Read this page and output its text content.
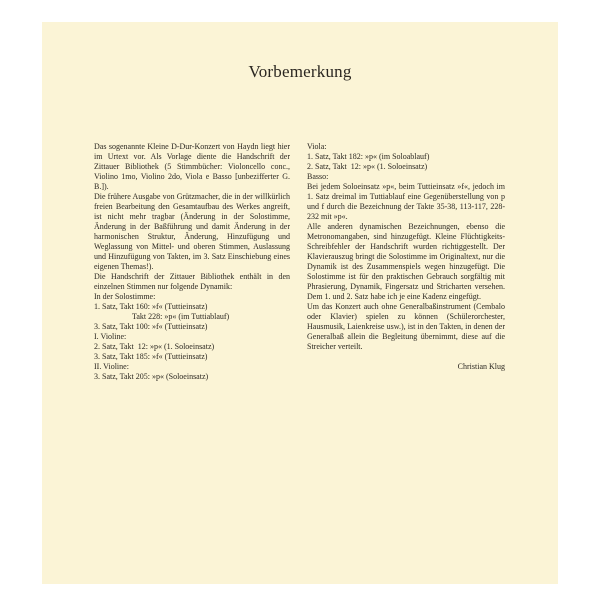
Vorbemerkung

Das sogenannte Kleine D-Dur-Konzert von Haydn liegt hier im Urtext vor. Als Vorlage diente die Handschrift der Zittauer Bibliothek (5 Stimmbücher: Violoncello conc., Violino 1mo, Violino 2do, Viola e Basso [unbezifferter G. B.]).

Die frühere Ausgabe von Grützmacher, die in der willkürlich freien Bearbeitung den Gesamtaufbau des Werkes angreift, ist nicht mehr tragbar (Änderung in der Solostimme, Änderung in der Baßführung und damit Änderung in der harmonischen Struktur, Änderung, Hinzufügung und Weglassung von Mittel- und oberen Stimmen, Auslassung und Hinzufügung von Takten, im 3. Satz Einschiebung eines eigenen Themas!).

Die Handschrift der Zittauer Bibliothek enthält in den einzelnen Stimmen nur folgende Dynamik:

In der Solostimme:
1. Satz, Takt 160: »f« (Tuttieinsatz)
Takt 228: »p« (im Tuttiablauf)
3. Satz, Takt 100: »f« (Tuttieinsatz)
I. Violine:
2. Satz, Takt  12: »p« (1. Soloeinsatz)
3. Satz, Takt 185: »f« (Tuttieinsatz)
II. Violine:
3. Satz, Takt 205: »p« (Soloeinsatz)
Viola:
1. Satz, Takt 182: »p« (im Soloablauf)
2. Satz, Takt  12: »p« (1. Soloeinsatz)
Basso:

Bei jedem Soloeinsatz »p«, beim Tuttieinsatz »f«, jedoch im 1. Satz dreimal im Tuttiablauf eine Gegenüberstellung von p und f durch die Bezeichnung der Takte 35-38, 113-117, 228-232 mit »p«.

Alle anderen dynamischen Bezeichnungen, ebenso die Metronomangaben, sind hinzugefügt. Kleine Flüchtigkeits-Schreibfehler der Handschrift wurden richtiggestellt. Der Klavierauszug bringt die Solostimme im Originaltext, nur die Dynamik ist des Zusammenspiels wegen hinzugefügt. Die Solostimme ist für den praktischen Gebrauch sorgfältig mit Phrasierung, Dynamik, Fingersatz und Stricharten versehen. Dem 1. und 2. Satz habe ich je eine Kadenz eingefügt.

Um das Konzert auch ohne Generalbaßinstrument (Cembalo oder Klavier) spielen zu können (Schülerorchester, Hausmusik, Laienkreise usw.), ist in den Takten, in denen der Generalbaß allein die Begleitung übernimmt, diese auf die Streicher verteilt.

Christian Klug
